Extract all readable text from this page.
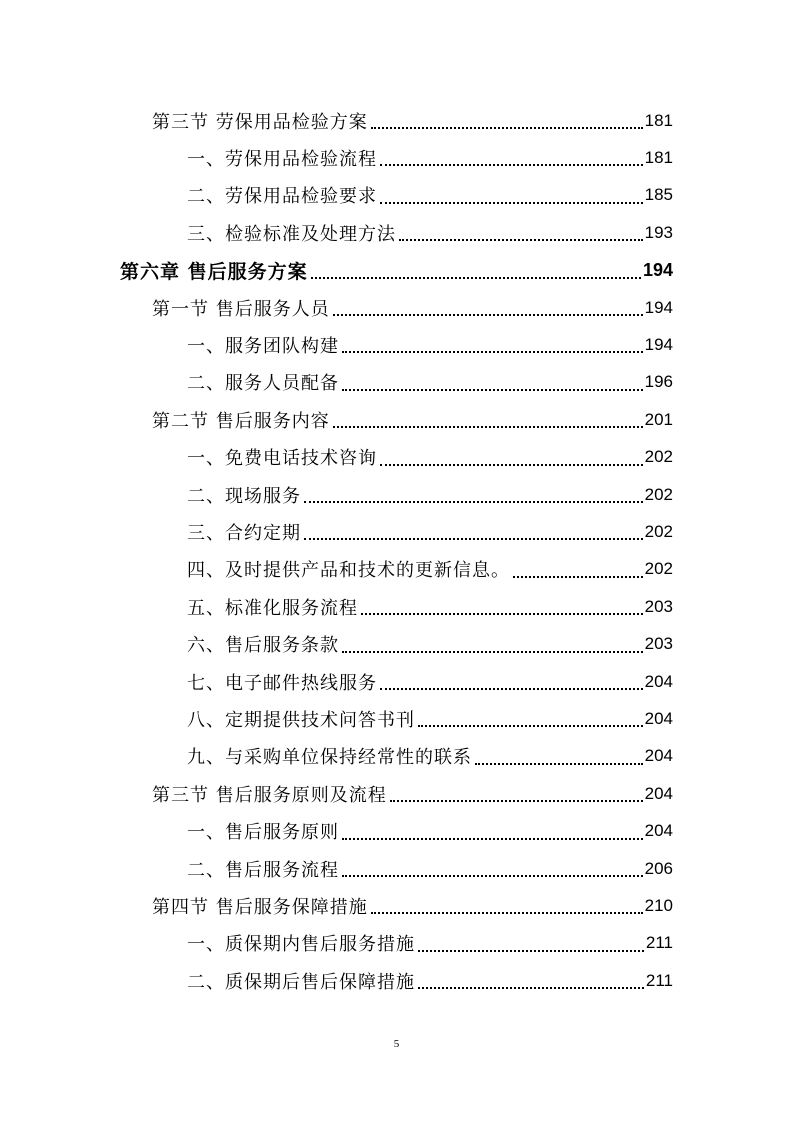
第三节 劳保用品检验方案	181
一、劳保用品检验流程	181
二、劳保用品检验要求	185
三、检验标准及处理方法	193
第六章 售后服务方案	194
第一节 售后服务人员	194
一、服务团队构建	194
二、服务人员配备	196
第二节 售后服务内容	201
一、免费电话技术咨询	202
二、现场服务	202
三、合约定期	202
四、及时提供产品和技术的更新信息。	202
五、标准化服务流程	203
六、售后服务条款	203
七、电子邮件热线服务	204
八、定期提供技术问答书刊	204
九、与采购单位保持经常性的联系	204
第三节 售后服务原则及流程	204
一、售后服务原则	204
二、售后服务流程	206
第四节 售后服务保障措施	210
一、质保期内售后服务措施	211
二、质保期后售后保障措施	211
5
